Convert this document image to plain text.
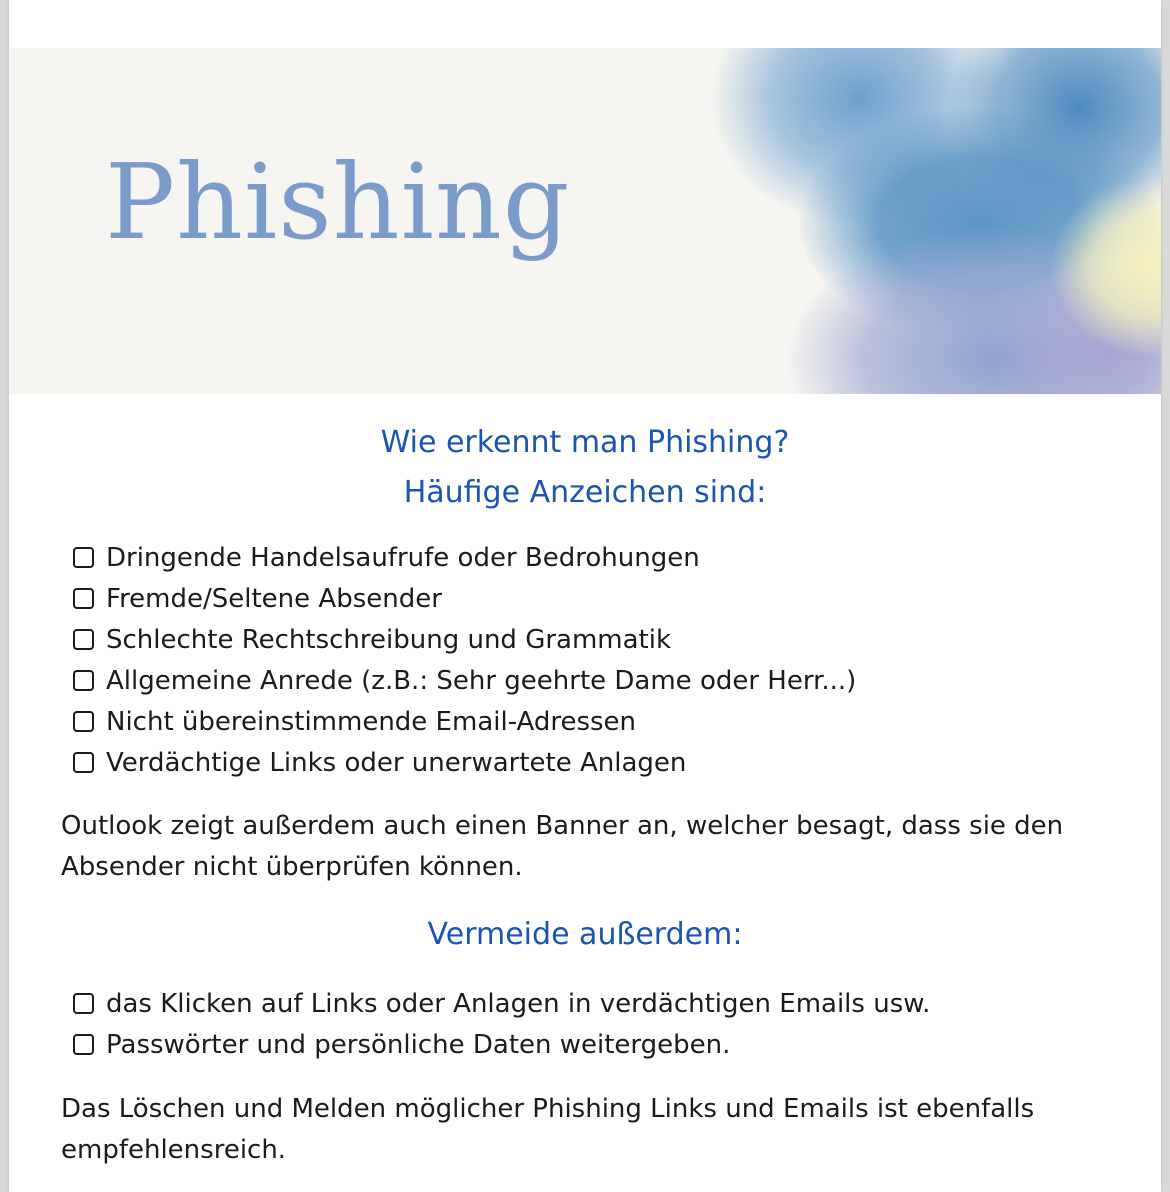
Phishing
Wie erkennt man Phishing?
Häufige Anzeichen sind:
Dringende Handelsaufrufe oder Bedrohungen
Fremde/Seltene Absender
Schlechte Rechtschreibung und Grammatik
Allgemeine Anrede (z.B.: Sehr geehrte Dame oder Herr...)
Nicht übereinstimmende Email-Adressen
Verdächtige Links oder unerwartete Anlagen

Outlook zeigt außerdem auch einen Banner an, welcher besagt, dass sie den Absender nicht überprüfen können.

Vermeide außerdem:
das Klicken auf Links oder Anlagen in verdächtigen Emails usw.
Passwörter und persönliche Daten weitergeben.

Das Löschen und Melden möglicher Phishing Links und Emails ist ebenfalls empfehlensreich.
